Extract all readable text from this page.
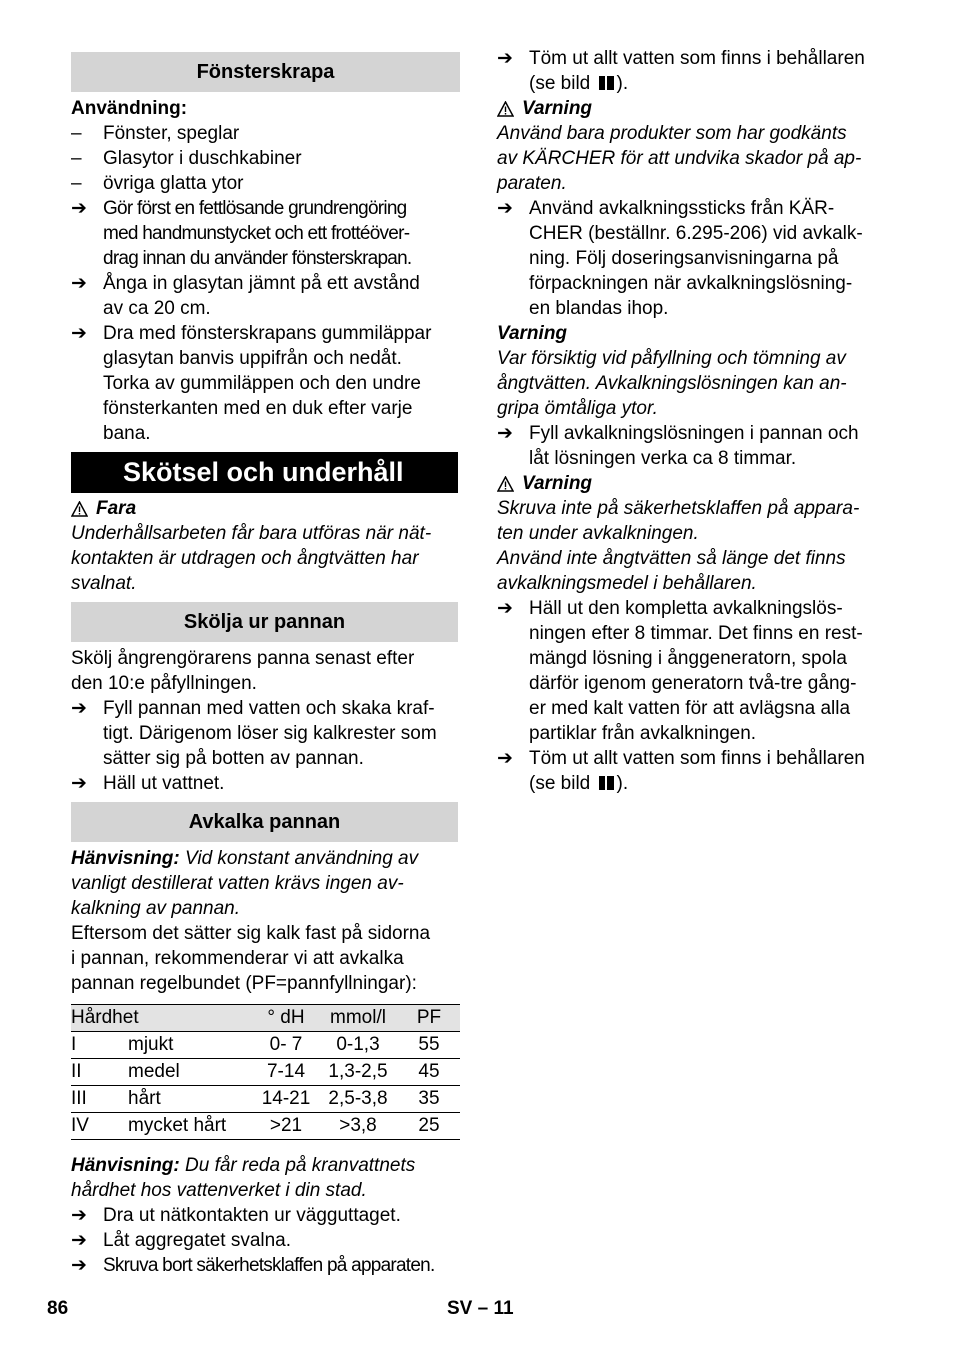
Fönsterskrapa

Användning:

–	Fönster, speglar
–	Glasytor i duschkabiner
–	övriga glatta ytor
➔ Gör först en fettlösande grundrengöring
med handmunstycket och ett frottéöver-
drag innan du använder fönsterskrapan.
➔ Ånga in glasytan jämnt på ett avstånd
av ca 20 cm.
➔ Dra med fönsterskrapans gummiläppar
glasytan banvis uppifrån och nedåt.
Torka av gummiläppen och den undre
fönsterkanten med en duk efter varje
bana.
Skötsel och underhåll
Fara

Underhållsarbeten får bara utföras när nät-
kontakten är utdragen och ångtvätten har
svalnat.

Skölja ur pannan

Skölj ångrengörarens panna senast efter
den 10:e påfyllningen.

➔ Fyll pannan med vatten och skaka kraf-
tigt. Därigenom löser sig kalkrester som
sätter sig på botten av pannan.
➔ Häll ut vattnet.
Avkalka pannan

Hänvisning: Vid konstant användning av
vanligt destillerat vatten krävs ingen av-
kalkning av pannan.

Eftersom det sätter sig kalk fast på sidorna
i pannan, rekommenderar vi att avkalka
pannan regelbundet (PF=pannfyllningar):

Hårdhet		° dH	mmol/l	PF
I	mjukt	0- 7	0-1,3	55
II	medel	7-14	1,3-2,5	45
III	hårt	14-21	2,5-3,8	35
IV	mycket hårt	>21	>3,8	25

Hänvisning: Du får reda på kranvattnets
hårdhet hos vattenverket i din stad.

➔ Dra ut nätkontakten ur vägguttaget.
➔ Låt aggregatet svalna.
➔ Skruva bort säkerhetsklaffen på apparaten.
➔ Töm ut allt vatten som finns i behållaren
(se bild ).
Varning

Använd bara produkter som har godkänts
av KÄRCHER för att undvika skador på ap-
paraten.

➔ Använd avkalkningssticks från KÄR-
CHER (beställnr. 6.295-206) vid avkalk-
ning. Följ doseringsanvisningarna på
förpackningen när avkalkningslösning-
en blandas ihop.

Varning

Var försiktig vid påfyllning och tömning av
ångtvätten. Avkalkningslösningen kan an-
gripa ömtåliga ytor.

➔ Fyll avkalkningslösningen i pannan och
låt lösningen verka ca 8 timmar.
Varning

Skruva inte på säkerhetsklaffen på appara-
ten under avkalkningen.
Använd inte ångtvätten så länge det finns
avkalkningsmedel i behållaren.

➔ Häll ut den kompletta avkalkningslös-
ningen efter 8 timmar. Det finns en rest-
mängd lösning i ånggeneratorn, spola
därför igenom generatorn två-tre gång-
er med kalt vatten för att avlägsna alla
partiklar från avkalkningen.
➔ Töm ut allt vatten som finns i behållaren
(se bild ).
86	SV – 11
